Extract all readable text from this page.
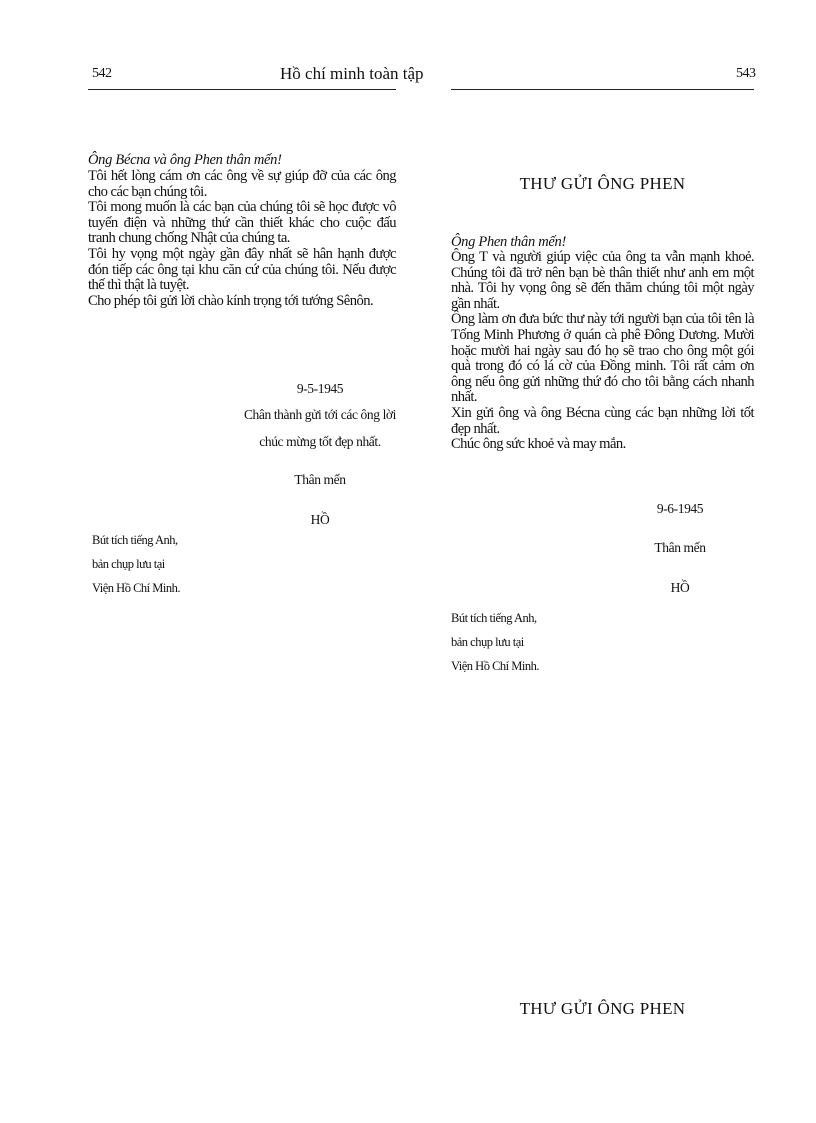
542	Hồ chí minh toàn tập
Ông Bécna và ông Phen thân mến!

Tôi hết lòng cám ơn các ông về sự giúp đỡ của các ông cho các bạn chúng tôi.

Tôi mong muốn là các bạn của chúng tôi sẽ học được vô tuyến điện và những thứ cần thiết khác cho cuộc đấu tranh chung chống Nhật của chúng ta.

Tôi hy vọng một ngày gần đây nhất sẽ hân hạnh được đón tiếp các ông tại khu căn cứ của chúng tôi. Nếu được thế thì thật là tuyệt.

Cho phép tôi gửi lời chào kính trọng tới tướng Sênôn.

9-5-1945
Chân thành gửi tới các ông lời
chúc mừng tốt đẹp nhất.
Thân mến
HỒ
Bút tích tiếng Anh,
bản chụp lưu tại
Viện Hồ Chí Minh.
543
THƯ GỬI ÔNG PHEN
Ông Phen thân mến!

Ông T và người giúp việc của ông ta vẫn mạnh khoẻ. Chúng tôi đã trở nên bạn bè thân thiết như anh em một nhà. Tôi hy vọng ông sẽ đến thăm chúng tôi một ngày gần nhất.

Ông làm ơn đưa bức thư này tới người bạn của tôi tên là Tống Minh Phương ở quán cà phê Đông Dương. Mười hoặc mười hai ngày sau đó họ sẽ trao cho ông một gói quà trong đó có lá cờ của Đồng minh. Tôi rất cảm ơn ông nếu ông gửi những thứ đó cho tôi bằng cách nhanh nhất.

Xin gửi ông và ông Bécna cùng các bạn những lời tốt đẹp nhất.

Chúc ông sức khoẻ và may mắn.

9-6-1945
Thân mến
HỒ
Bút tích tiếng Anh,
bản chụp lưu tại
Viện Hồ Chí Minh.
THƯ GỬI ÔNG PHEN
